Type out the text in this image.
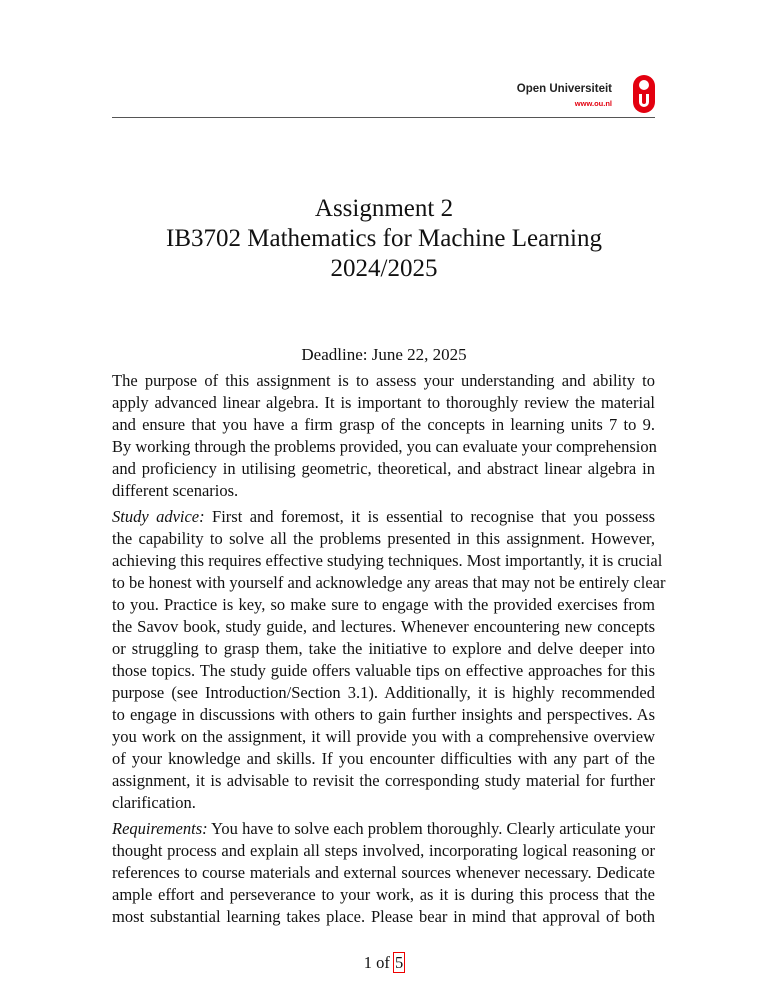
Open Universiteit
www.ou.nl
Assignment 2
IB3702 Mathematics for Machine Learning
2024/2025
Deadline: June 22, 2025
The purpose of this assignment is to assess your understanding and ability to
apply advanced linear algebra. It is important to thoroughly review the material
and ensure that you have a firm grasp of the concepts in learning units 7 to 9.
By working through the problems provided, you can evaluate your comprehension
and proficiency in utilising geometric, theoretical, and abstract linear algebra in
different scenarios.
Study advice: First and foremost, it is essential to recognise that you possess
the capability to solve all the problems presented in this assignment. However,
achieving this requires effective studying techniques. Most importantly, it is crucial
to be honest with yourself and acknowledge any areas that may not be entirely clear
to you. Practice is key, so make sure to engage with the provided exercises from
the Savov book, study guide, and lectures. Whenever encountering new concepts
or struggling to grasp them, take the initiative to explore and delve deeper into
those topics. The study guide offers valuable tips on effective approaches for this
purpose (see Introduction/Section 3.1). Additionally, it is highly recommended
to engage in discussions with others to gain further insights and perspectives. As
you work on the assignment, it will provide you with a comprehensive overview
of your knowledge and skills. If you encounter difficulties with any part of the
assignment, it is advisable to revisit the corresponding study material for further
clarification.
Requirements: You have to solve each problem thoroughly. Clearly articulate your
thought process and explain all steps involved, incorporating logical reasoning or
references to course materials and external sources whenever necessary. Dedicate
ample effort and perseverance to your work, as it is during this process that the
most substantial learning takes place. Please bear in mind that approval of both
1 of 5
